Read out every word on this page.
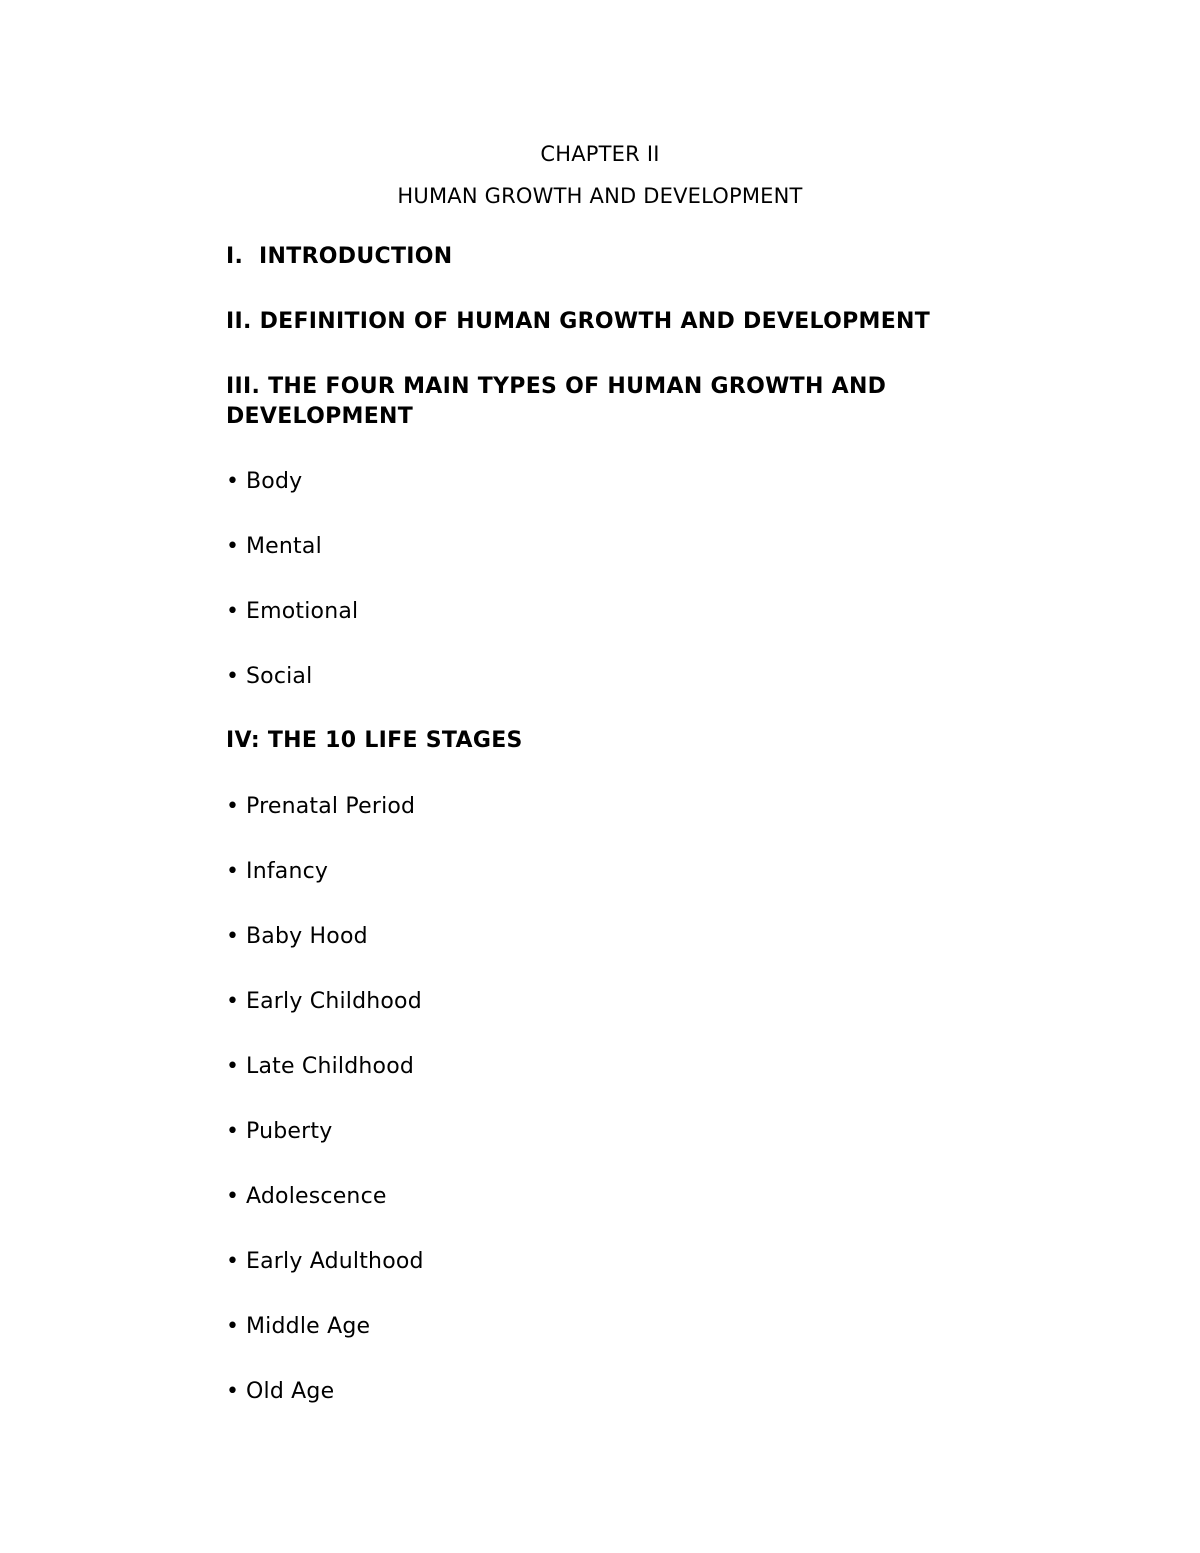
CHAPTER II
HUMAN GROWTH AND DEVELOPMENT
I.  INTRODUCTION
II. DEFINITION OF HUMAN GROWTH AND DEVELOPMENT
III. THE FOUR MAIN TYPES OF HUMAN GROWTH AND DEVELOPMENT
• Body
• Mental
• Emotional
• Social
IV: THE 10 LIFE STAGES
• Prenatal Period
• Infancy
• Baby Hood
• Early Childhood
• Late Childhood
• Puberty
• Adolescence
• Early Adulthood
• Middle Age
• Old Age
